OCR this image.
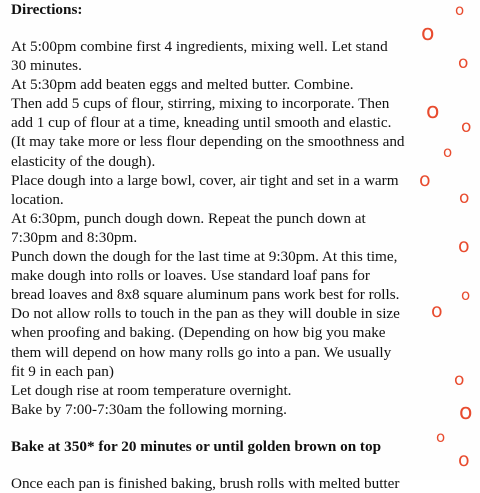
Directions:

At 5:00pm combine first 4 ingredients, mixing well. Let stand
30 minutes.
At 5:30pm add beaten eggs and melted butter. Combine.
Then add 5 cups of flour, stirring, mixing to incorporate. Then
add 1 cup of flour at a time, kneading until smooth and elastic.
(It may take more or less flour depending on the smoothness and
elasticity of the dough).
Place dough into a large bowl, cover, air tight and set in a warm
location.
At 6:30pm, punch dough down. Repeat the punch down at
7:30pm and 8:30pm.
Punch down the dough for the last time at 9:30pm. At this time,
make dough into rolls or loaves. Use standard loaf pans for
bread loaves and 8x8 square aluminum pans work best for rolls.
Do not allow rolls to touch in the pan as they will double in size
when proofing and baking. (Depending on how big you make
them will depend on how many rolls go into a pan. We usually
fit 9 in each pan)
Let dough rise at room temperature overnight.
Bake by 7:00-7:30am the following morning.

Bake at 350* for 20 minutes or until golden brown on top

Once each pan is finished baking, brush rolls with melted butter
o
o
o
o
o
o
o
o
o
o
o
o
o
o
o
